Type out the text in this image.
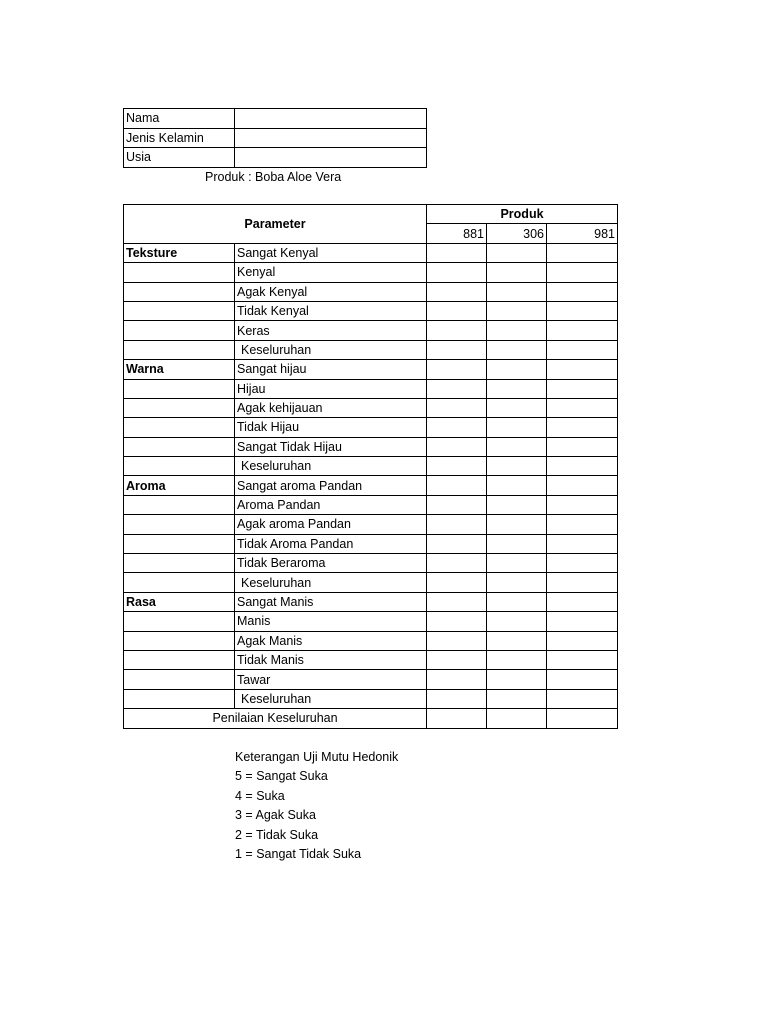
Nama	
Jenis Kelamin	
Usia	
Produk : Boba Aloe Vera
Parameter		Produk		
		881	306	981
Teksture	Sangat Kenyal			
	Kenyal			
	Agak Kenyal			
	Tidak Kenyal			
	Keras			
	Keseluruhan			
Warna	Sangat hijau			
	Hijau			
	Agak kehijauan			
	Tidak Hijau			
	Sangat Tidak Hijau			
	Keseluruhan			
Aroma	Sangat aroma Pandan			
	Aroma Pandan			
	Agak aroma Pandan			
	Tidak Aroma Pandan			
	Tidak Beraroma			
	Keseluruhan			
Rasa	Sangat Manis			
	Manis			
	Agak Manis			
	Tidak Manis			
	Tawar			
	Keseluruhan			
Penilaian Keseluruhan				
Keterangan Uji Mutu Hedonik
5 = Sangat Suka
4 = Suka
3 = Agak Suka
2 = Tidak Suka
1 = Sangat Tidak Suka
